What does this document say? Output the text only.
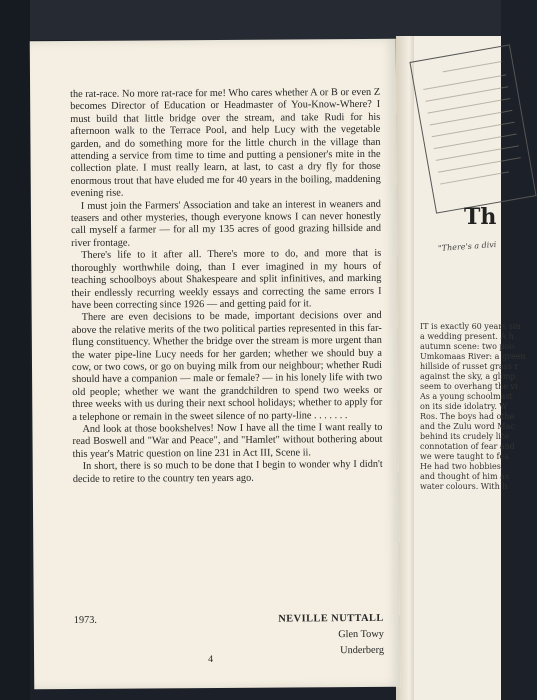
the rat-race. No more rat-race for me! Who cares whether A or B or even Z becomes Director of Education or Headmaster of You-Know-Where? I must build that little bridge over the stream, and take Rudi for his afternoon walk to the Terrace Pool, and help Lucy with the vegetable garden, and do something more for the little church in the village than attending a service from time to time and putting a pensioner's mite in the collection plate. I must really learn, at last, to cast a dry fly for those enormous trout that have eluded me for 40 years in the boiling, maddening evening rise.

I must join the Farmers' Association and take an interest in weaners and teasers and other mysteries, though everyone knows I can never honestly call myself a farmer — for all my 135 acres of good grazing hillside and river frontage.

There's life to it after all. There's more to do, and more that is thoroughly worthwhile doing, than I ever imagined in my hours of teaching schoolboys about Shakespeare and split infinitives, and marking their endlessly recurring weekly essays and correcting the same errors I have been correcting since 1926 — and getting paid for it.

There are even decisions to be made, important decisions over and above the relative merits of the two political parties represented in this far-flung constituency. Whether the bridge over the stream is more urgent than the water pipe-line Lucy needs for her garden; whether we should buy a cow, or two cows, or go on buying milk from our neighbour; whether Rudi should have a companion — male or female? — in his lonely life with two old people; whether we want the grandchildren to spend two weeks or three weeks with us during their next school holidays; whether to apply for a telephone or remain in the sweet silence of no party-line . . . . . . .

And look at those bookshelves! Now I have all the time I want really to read Boswell and "War and Peace", and "Hamlet" without bothering about this year's Matric question on line 231 in Act III, Scene ii.

In short, there is so much to be done that I begin to wonder why I didn't decide to retire to the country ten years ago.

1973.	NEVILLE NUTTALL
Glen Towy
Underberg
4
Th
"There's a divi
IT is exactly 60 years sin
a wedding present. A h
autumn scene: two poo
Umkomaas River: a green
hillside of russet grass r
against the sky, a glimp
seem to overhang the vi
As a young schoolmast
on its side idolatry. W
Ros. The boys had othe
and the Zulu word Mac
behind its crudely lite
connotation of fear and
we were taught to fea
He had two hobbies,
and thought of him as
water colours. With h
